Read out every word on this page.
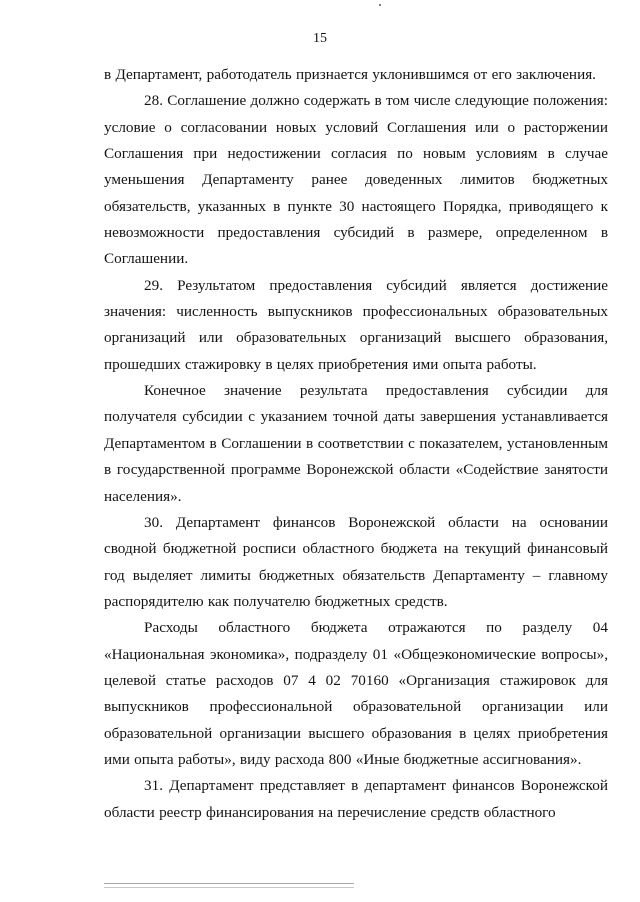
15

в Департамент, работодатель признается уклонившимся от его заключения.

28. Соглашение должно содержать в том числе следующие положения: условие о согласовании новых условий Соглашения или о расторжении Соглашения при недостижении согласия по новым условиям в случае уменьшения Департаменту ранее доведенных лимитов бюджетных обязательств, указанных в пункте 30 настоящего Порядка, приводящего к невозможности предоставления субсидий в размере, определенном в Соглашении.

29. Результатом предоставления субсидий является достижение значения: численность выпускников профессиональных образовательных организаций или образовательных организаций высшего образования, прошедших стажировку в целях приобретения ими опыта работы.

Конечное значение результата предоставления субсидии для получателя субсидии с указанием точной даты завершения устанавливается Департаментом в Соглашении в соответствии с показателем, установленным в государственной программе Воронежской области «Содействие занятости населения».

30. Департамент финансов Воронежской области на основании сводной бюджетной росписи областного бюджета на текущий финансовый год выделяет лимиты бюджетных обязательств Департаменту – главному распорядителю как получателю бюджетных средств.

Расходы областного бюджета отражаются по разделу 04 «Национальная экономика», подразделу 01 «Общеэкономические вопросы», целевой статье расходов 07 4 02 70160 «Организация стажировок для выпускников профессиональной образовательной организации или образовательной организации высшего образования в целях приобретения ими опыта работы», виду расхода 800 «Иные бюджетные ассигнования».

31. Департамент представляет в департамент финансов Воронежской области реестр финансирования на перечисление средств областного
